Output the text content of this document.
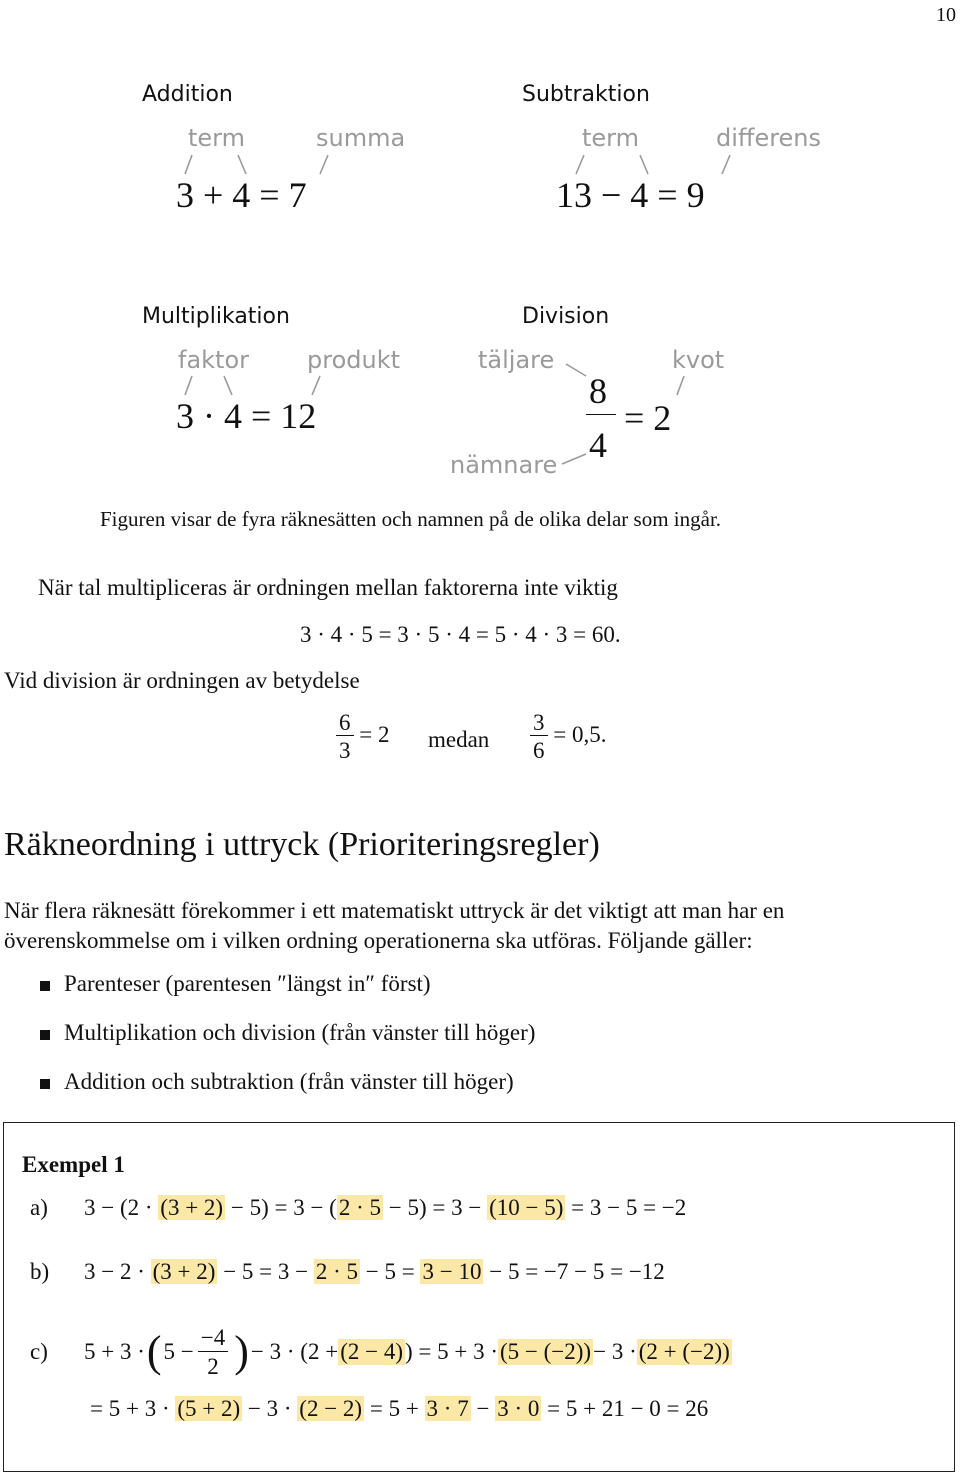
10
Addition
term	summa
3 + 4 = 7
Subtraktion
term	differens
13 − 4 = 9
Multiplikation
faktor produkt
3 · 4 = 12
Division
täljare
nämnare
kvot
8
4
= 2
Figuren visar de fyra räknesätten och namnen på de olika delar som ingår.
När tal multipliceras är ordningen mellan faktorerna inte viktig
3 · 4 · 5 = 3 · 5 · 4 = 5 · 4 · 3 = 60.
Vid division är ordningen av betydelse
$\frac{6}{3} = 2$ medan $\frac{3}{6} = 0,5$.
Räkneordning i uttryck (Prioriteringsregler)
När flera räknesätt förekommer i ett matematiskt uttryck är det viktigt att man har en
överenskommelse om i vilken ordning operationerna ska utföras. Följande gäller:
Parenteser (parentesen ″längst in″ först)
Multiplikation och division (från vänster till höger)
Addition och subtraktion (från vänster till höger)
Exempel 1
a) 3 − (2 · (3 + 2) − 5) = 3 − (2 · 5 − 5) = 3 − (10 − 5) = 3 − 5 = −2
b) 3 − 2 · (3 + 2) − 5 = 3 − 2 · 5 − 5 = 3 − 10 − 5 = −7 − 5 = −12
c) 5 + 3 · ( $5 - \frac{-4}{2}$ ) − 3 · (2 + (2 − 4) ) = 5 + 3 · (5 − (−2)) − 3 · (2 + (−2))
= 5 + 3 · (5 + 2) − 3 · (2 − 2) = 5 + 3 · 7 − 3 · 0 = 5 + 21 − 0 = 26
